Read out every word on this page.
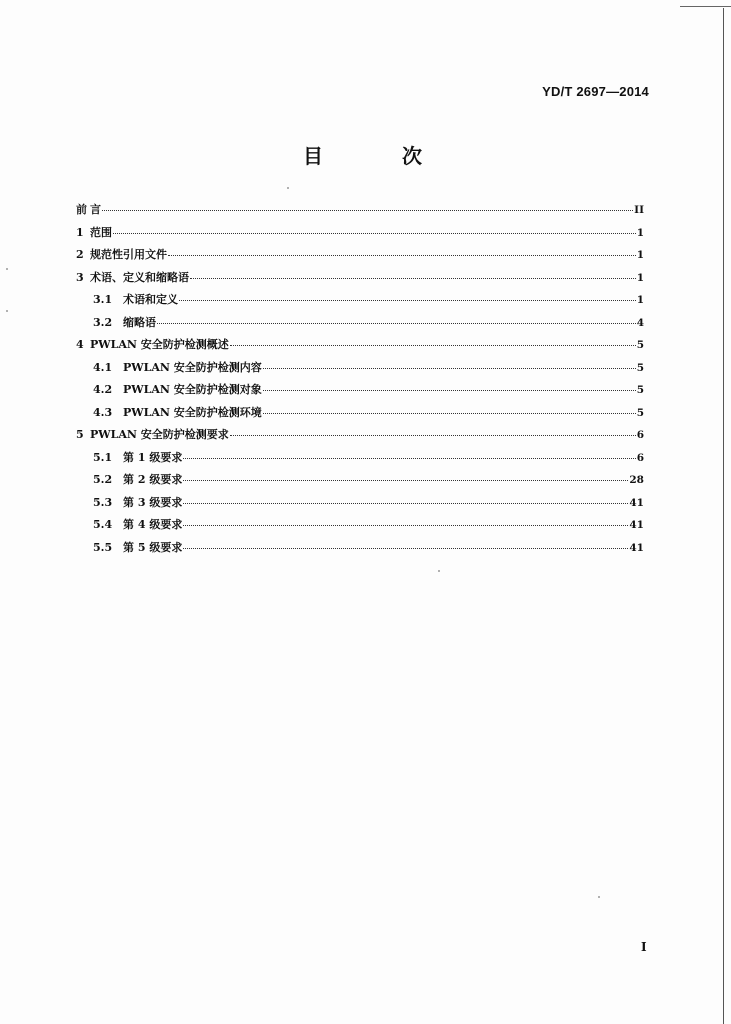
YD/T 2697—2014
目 次
前 言	II
1 范围	1
2 规范性引用文件	1
3 术语、定义和缩略语	1
3.1 术语和定义	1
3.2 缩略语	4
4 PWLAN 安全防护检测概述	5
4.1 PWLAN 安全防护检测内容	5
4.2 PWLAN 安全防护检测对象	5
4.3 PWLAN 安全防护检测环境	5
5 PWLAN 安全防护检测要求	6
5.1 第 1 级要求	6
5.2 第 2 级要求	28
5.3 第 3 级要求	41
5.4 第 4 级要求	41
5.5 第 5 级要求	41
I
